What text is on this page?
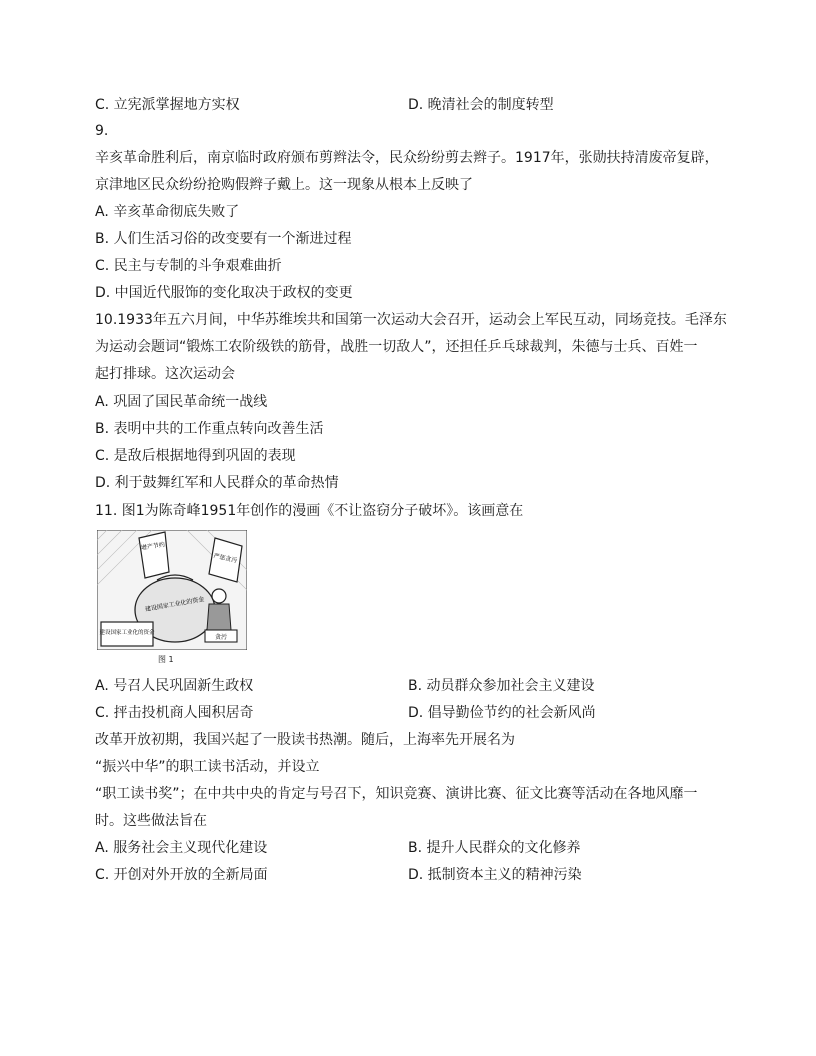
C. 立宪派掌握地方实权	D. 晚清社会的制度转型
9.
辛亥革命胜利后，南京临时政府颁布剪辫法令，民众纷纷剪去辫子。1917年，张勋扶持清废帝复辟，
京津地区民众纷纷抢购假辫子戴上。这一现象从根本上反映了
A. 辛亥革命彻底失败了
B. 人们生活习俗的改变要有一个渐进过程
C. 民主与专制的斗争艰难曲折
D. 中国近代服饰的变化取决于政权的变更
10.1933年五六月间，中华苏维埃共和国第一次运动大会召开，运动会上军民互动，同场竞技。毛泽东
为运动会题词“锻炼工农阶级铁的筋骨，战胜一切敌人”，还担任乒乓球裁判，朱德与士兵、百姓一
起打排球。这次运动会
A. 巩固了国民革命统一战线
B. 表明中共的工作重点转向改善生活
C. 是敌后根据地得到巩固的表现
D. 利于鼓舞红军和人民群众的革命热情
11. 图1为陈奇峰1951年创作的漫画《不让盗窃分子破坏》。该画意在
增产节约
严惩贪污
建设国家工业化的资金
建设国家工业化的资金
贪污
图 1
A. 号召人民巩固新生政权	B. 动员群众参加社会主义建设
C. 抨击投机商人囤积居奇	D. 倡导勤俭节约的社会新风尚
改革开放初期，我国兴起了一股读书热潮。随后，上海率先开展名为
“振兴中华”的职工读书活动，并设立
“职工读书奖”；在中共中央的肯定与号召下，知识竞赛、演讲比赛、征文比赛等活动在各地风靡一
时。这些做法旨在
A. 服务社会主义现代化建设	B. 提升人民群众的文化修养
C. 开创对外开放的全新局面	D. 抵制资本主义的精神污染
